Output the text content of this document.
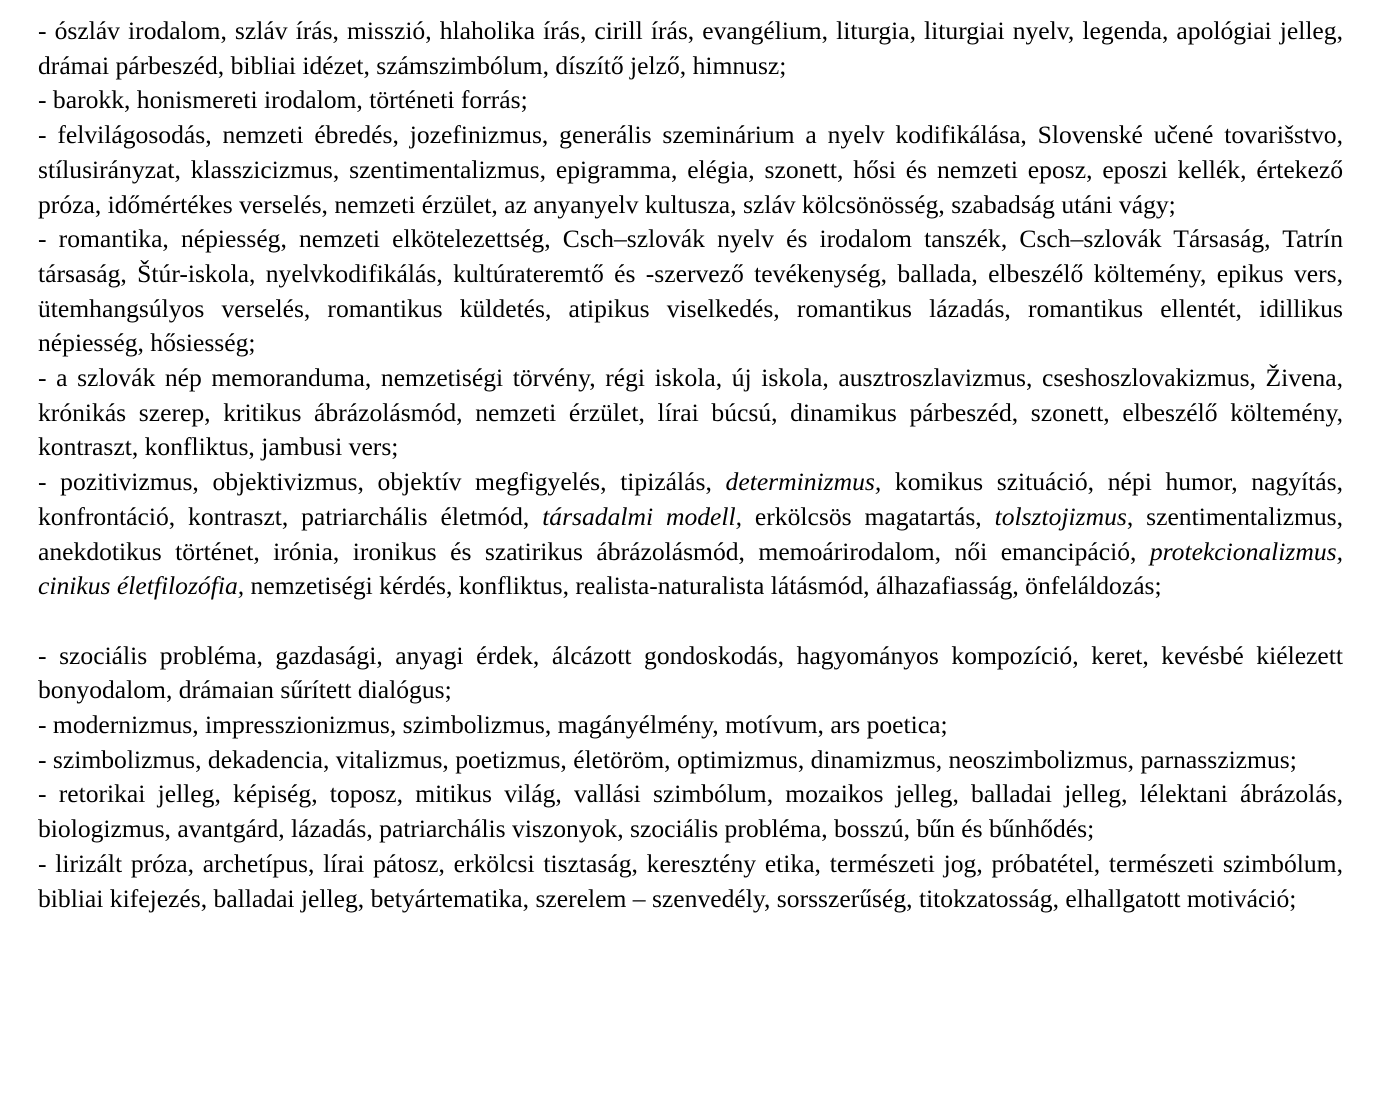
- ószláv irodalom, szláv írás, misszió, hlaholika írás, cirill írás, evangélium, liturgia, liturgiai nyelv, legenda, apológiai jelleg, drámai párbeszéd, bibliai idézet, számszimbólum, díszítő jelző, himnusz;

- barokk, honismereti irodalom, történeti forrás;

- felvilágosodás, nemzeti ébredés, jozefinizmus, generális szeminárium a nyelv kodifikálása, Slovenské učené tovarišstvo, stílusirányzat, klasszicizmus, szentimentalizmus, epigramma, elégia, szonett, hősi és nemzeti eposz, eposzi kellék, értekező próza, időmértékes verselés, nemzeti érzület, az anyanyelv kultusza, szláv kölcsönösség, szabadság utáni vágy;

- romantika, népiesség, nemzeti elkötelezettség, Csch–szlovák nyelv és irodalom tanszék, Csch–szlovák Társaság, Tatrín társaság, Štúr-iskola, nyelvkodifikálás, kultúrateremtő és -szervező tevékenység, ballada, elbeszélő költemény, epikus vers, ütemhangsúlyos verselés, romantikus küldetés, atipikus viselkedés, romantikus lázadás, romantikus ellentét, idillikus népiesség, hősiesség;

- a szlovák nép memoranduma, nemzetiségi törvény, régi iskola, új iskola, ausztroszlavizmus, cseshoszlovakizmus, Živena, krónikás szerep, kritikus ábrázolásmód, nemzeti érzület, lírai búcsú, dinamikus párbeszéd, szonett, elbeszélő költemény, kontraszt, konfliktus, jambusi vers;

- pozitivizmus, objektivizmus, objektív megfigyelés, tipizálás, determinizmus, komikus szituáció, népi humor, nagyítás, konfrontáció, kontraszt, patriarchális életmód, társadalmi modell, erkölcsös magatartás, tolsztojizmus, szentimentalizmus, anekdotikus történet, irónia, ironikus és szatirikus ábrázolásmód, memoárirodalom, női emancipáció, protekcionalizmus, cinikus életfilozófia, nemzetiségi kérdés, konfliktus, realista-naturalista látásmód, álhazafiasság, önfeláldozás;

- szociális probléma, gazdasági, anyagi érdek, álcázott gondoskodás, hagyományos kompozíció, keret, kevésbé kiélezett bonyodalom, drámaian sűrített dialógus;

- modernizmus, impresszionizmus, szimbolizmus, magányélmény, motívum, ars poetica;

- szimbolizmus, dekadencia, vitalizmus, poetizmus, életöröm, optimizmus, dinamizmus, neoszimbolizmus, parnasszizmus;

- retorikai jelleg, képiség, toposz, mitikus világ, vallási szimbólum, mozaikos jelleg, balladai jelleg, lélektani ábrázolás, biologizmus, avantgárd, lázadás, patriarchális viszonyok, szociális probléma, bosszú, bűn és bűnhődés;

- lirizált próza, archetípus, lírai pátosz, erkölcsi tisztaság, keresztény etika, természeti jog, próbatétel, természeti szimbólum, bibliai kifejezés, balladai jelleg, betyártematika, szerelem – szenvedély, sorsszerűség, titokzatosság, elhallgatott motiváció;
